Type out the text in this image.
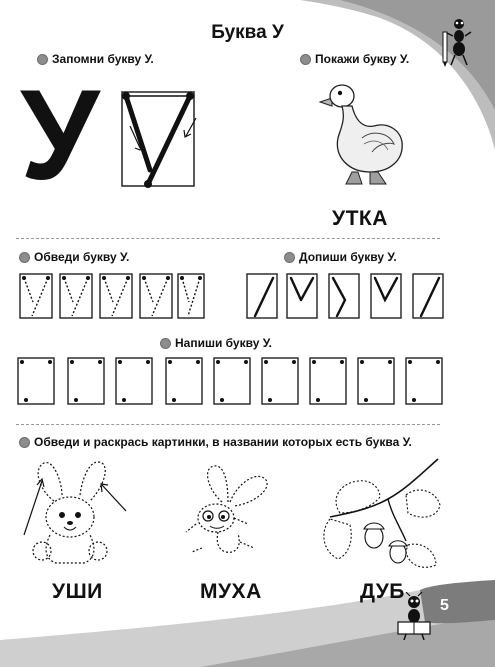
Буква У
Запомни букву У.	Покажи букву У.
У
УТКА
Обведи букву У.	Допиши букву У.
Напиши букву У.
Обведи и раскрась картинки, в названии которых есть буква У.
УШИ	МУХА	ДУБ
5
